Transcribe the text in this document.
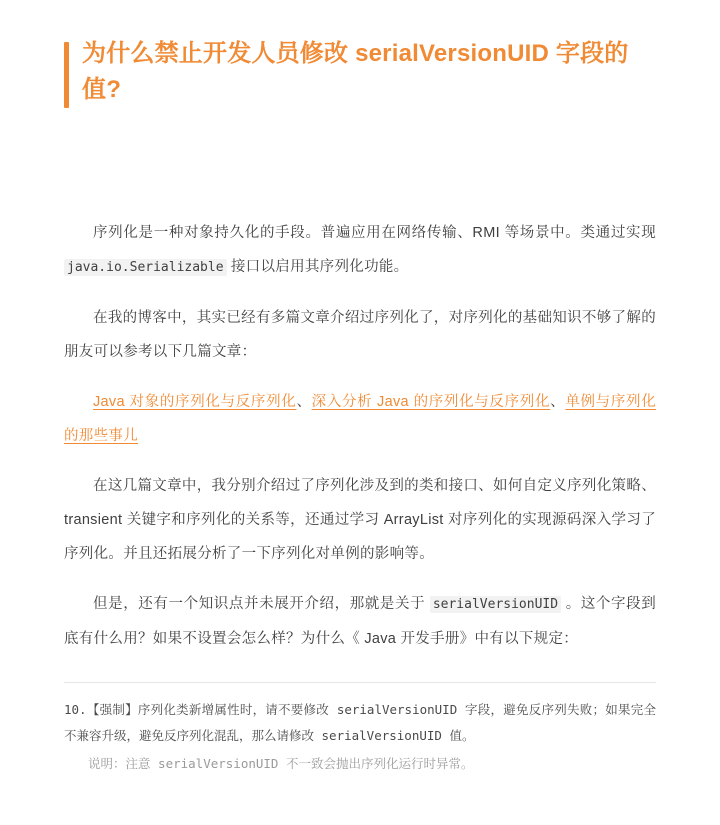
为什么禁止开发人员修改 serialVersionUID 字段的值?

序列化是一种对象持久化的手段。普遍应用在网络传输、RMI 等场景中。类通过实现 java.io.Serializable 接口以启用其序列化功能。

在我的博客中，其实已经有多篇文章介绍过序列化了，对序列化的基础知识不够了解的朋友可以参考以下几篇文章：

Java 对象的序列化与反序列化、深入分析 Java 的序列化与反序列化、单例与序列化的那些事儿

在这几篇文章中，我分别介绍过了序列化涉及到的类和接口、如何自定义序列化策略、transient 关键字和序列化的关系等，还通过学习 ArrayList 对序列化的实现源码深入学习了序列化。并且还拓展分析了一下序列化对单例的影响等。

但是，还有一个知识点并未展开介绍，那就是关于 serialVersionUID 。这个字段到底有什么用？如果不设置会怎么样？为什么《 Java 开发手册》中有以下规定：

10.【强制】序列化类新增属性时，请不要修改 serialVersionUID 字段，避免反序列失败；如果完全不兼容升级，避免反序列化混乱，那么请修改 serialVersionUID 值。

说明：注意 serialVersionUID 不一致会抛出序列化运行时异常。
